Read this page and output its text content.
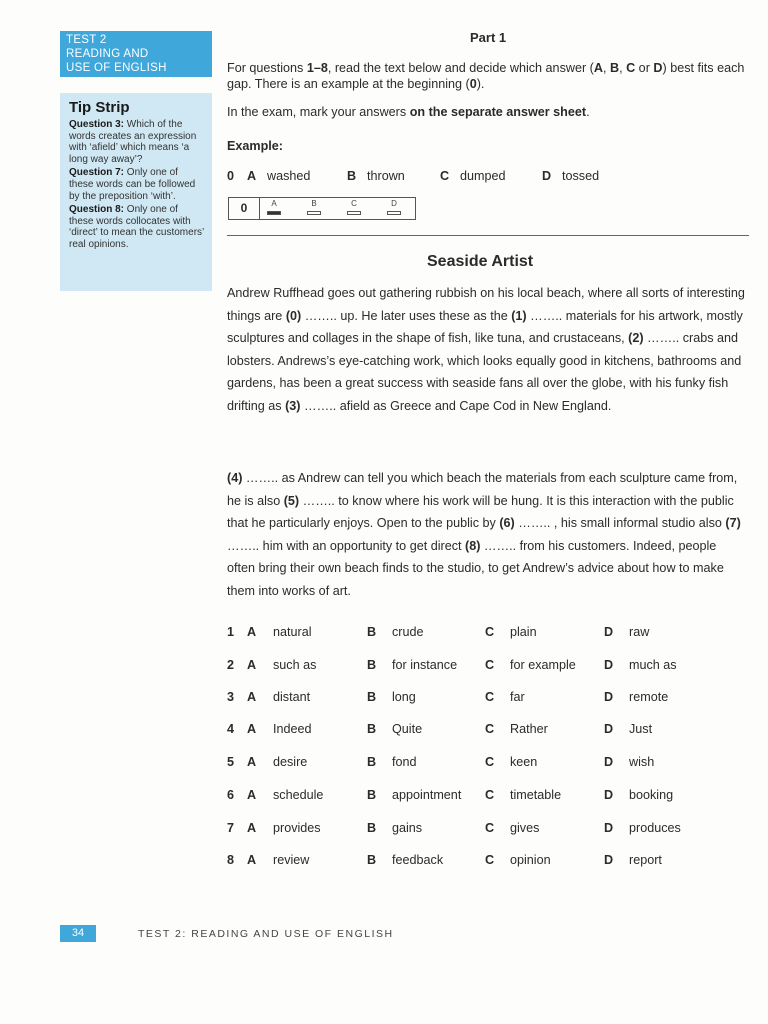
TEST 2
READING AND
USE OF ENGLISH
Tip Strip
Question 3: Which of the words creates an expression with ‘afield’ which means ‘a long way away’?
Question 7: Only one of these words can be followed by the preposition ‘with’.
Question 8: Only one of these words collocates with ‘direct’ to mean the customers’ real opinions.
Part 1
For questions 1–8, read the text below and decide which answer (A, B, C or D) best fits each gap. There is an example at the beginning (0).
In the exam, mark your answers on the separate answer sheet.
Example:
0 A washed	B thrown	C dumped	D tossed
0	A	B	C	D
Seaside Artist
Andrew Ruffhead goes out gathering rubbish on his local beach, where all sorts of interesting things are (0) …….. up. He later uses these as the (1) …….. materials for his artwork, mostly sculptures and collages in the shape of fish, like tuna, and crustaceans, (2) …….. crabs and lobsters. Andrews’s eye-catching work, which looks equally good in kitchens, bathrooms and gardens, has been a great success with seaside fans all over the globe, with his funky fish drifting as (3) …….. afield as Greece and Cape Cod in New England.
(4) …….. as Andrew can tell you which beach the materials from each sculpture came from, he is also (5) …….. to know where his work will be hung. It is this interaction with the public that he particularly enjoys. Open to the public by (6) …….. , his small informal studio also (7) …….. him with an opportunity to get direct (8) …….. from his customers. Indeed, people often bring their own beach finds to the studio, to get Andrew’s advice about how to make them into works of art.
1 A natural	B crude	C plain	D raw
2 A such as	B for instance C for example D much as
3 A distant	B long	C far	D remote
4 A Indeed	B Quite	C Rather	D Just
5 A desire	B fond	C keen	D wish
6 A schedule	B appointment C timetable	D booking
7 A provides	B gains	C gives	D produces
8 A review	B feedback	C opinion	D report
34	TEST 2: READING AND USE OF ENGLISH
